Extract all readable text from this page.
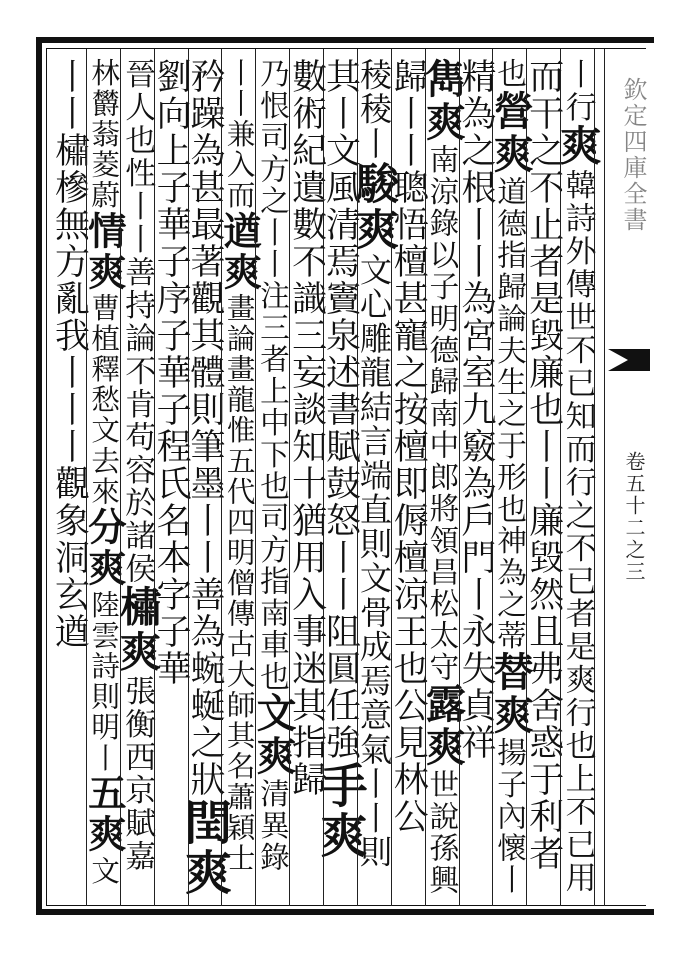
欽定四庫全書
卷五十二之三
丨行
爽
韓詩外傳世不已知而行之不已者是爽行也上不已用
而干之不止者是毀廉也丨丨廉毀然且弗舍惑于利者
也
營
爽
道德指歸論夫生之于形也神為之蒂
替
爽
揚子內懷丨
精為之根丨丨為宮室九竅為戶門
丨永失貞祥
雋
爽
南涼錄以子明德歸南中郎將領昌松太守
露
爽
世說孫興
歸丨丨聰悟檀甚寵之按檀即傉檀涼王也
公見林公
稜稜丨
駿
爽
文心雕龍結言端直則文骨成焉意氣丨丨則
其丨
文風清焉竇泉述書賦鼓怒丨丨阻圓任強
手
爽
數術紀遺數不識三妄談知十猶用入事迷其指歸
乃恨司方之丨丨注三者上中下也司方指南車也
文
爽
清異錄
丨丨兼入而
遒
爽
畫論畫龍惟五代四明僧傳古大師其名
蕭穎士
矜躁為甚
最著觀其體則筆墨丨丨善為蜿蜒之狀
閏
爽
劉向上子華子序子華子程氏名本字子華
晉人也性丨丨善持論不肯苟容於諸侯
橚
爽
張衡西京賦嘉
林欝蓊菱蔚
情
爽
曹植釋愁文去來
分
爽
陸雲詩則明丨
五
爽
文
丨丨橚槮
無方亂我丨丨
丨觀象洞玄
遒
